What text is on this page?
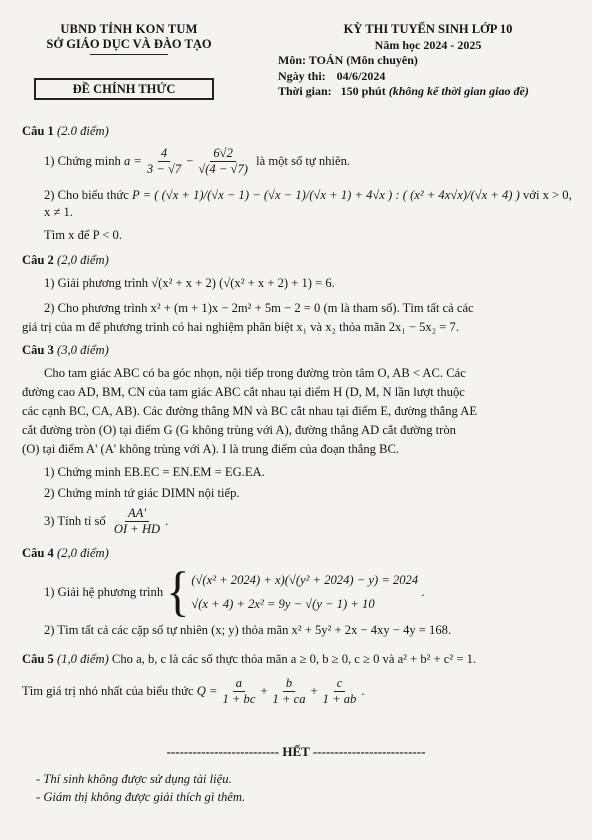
UBND TỈNH KON TUM
SỞ GIÁO DỤC VÀ ĐÀO TẠO
ĐỀ CHÍNH THỨC
KỲ THI TUYỂN SINH LỚP 10
Năm học 2024 - 2025
Môn: TOÁN (Môn chuyên)
Ngày thi: 04/6/2024
Thời gian: 150 phút (không kể thời gian giao đề)
Câu 1 (2.0 điểm)
1) Chứng minh
$a = \frac{4}{3 - √7} - \frac{6√2}{√(4 - √7)}$
là một số tự nhiên.
2) Cho biểu thức P = ( (√x + 1)/(√x − 1) − (√x − 1)/(√x + 1) + 4√x ) : ( (x² + 4x√x)/(√x + 4) ) với x > 0, x ≠ 1.
Tìm x để P < 0.
Câu 2 (2,0 điểm)
1) Giải phương trình √(x² + x + 2) (√(x² + x + 2) + 1) = 6.
2) Cho phương trình x² + (m + 1)x − 2m² + 5m − 2 = 0 (m là tham số). Tìm tất cả các
giá trị của m để phương trình có hai nghiệm phân biệt x₁ và x₂ thỏa mãn 2x₁ − 5x₂ = 7.
Câu 3 (3,0 điểm)
Cho tam giác ABC có ba góc nhọn, nội tiếp trong đường tròn tâm O, AB < AC. Các
đường cao AD, BM, CN của tam giác ABC cắt nhau tại điểm H (D, M, N lần lượt thuộc
các cạnh BC, CA, AB). Các đường thẳng MN và BC cắt nhau tại điểm E, đường thẳng AE
cắt đường tròn (O) tại điểm G (G không trùng với A), đường thẳng AD cắt đường tròn
(O) tại điểm A' (A' không trùng với A). I là trung điểm của đoạn thẳng BC.
1) Chứng minh EB.EC = EN.EM = EG.EA.
2) Chứng minh tứ giác DIMN nội tiếp.
3) Tính tỉ số
$\frac{AA'}{OI + HD}$ .
Câu 4 (2,0 điểm)
1) Giải hệ phương trình
{ (√(x² + 2024) + x)(√(y² + 2024) − y) = 2024
√(x + 4) + 2x² = 9y − √(y − 1) + 10

.
2) Tìm tất cả các cặp số tự nhiên (x; y) thỏa mãn x² + 5y² + 2x − 4xy − 4y = 168.
Câu 5 (1,0 điểm) Cho a, b, c là các số thực thỏa mãn a ≥ 0, b ≥ 0, c ≥ 0 và a² + b² + c² = 1.
Tìm giá trị nhỏ nhất của biểu thức
$Q = \frac{a}{1 + bc} + \frac{b}{1 + ca} + \frac{c}{1 + ab}$ .
-------------------------- HẾT --------------------------
- Thí sinh không được sử dụng tài liệu.
- Giám thị không được giải thích gì thêm.
